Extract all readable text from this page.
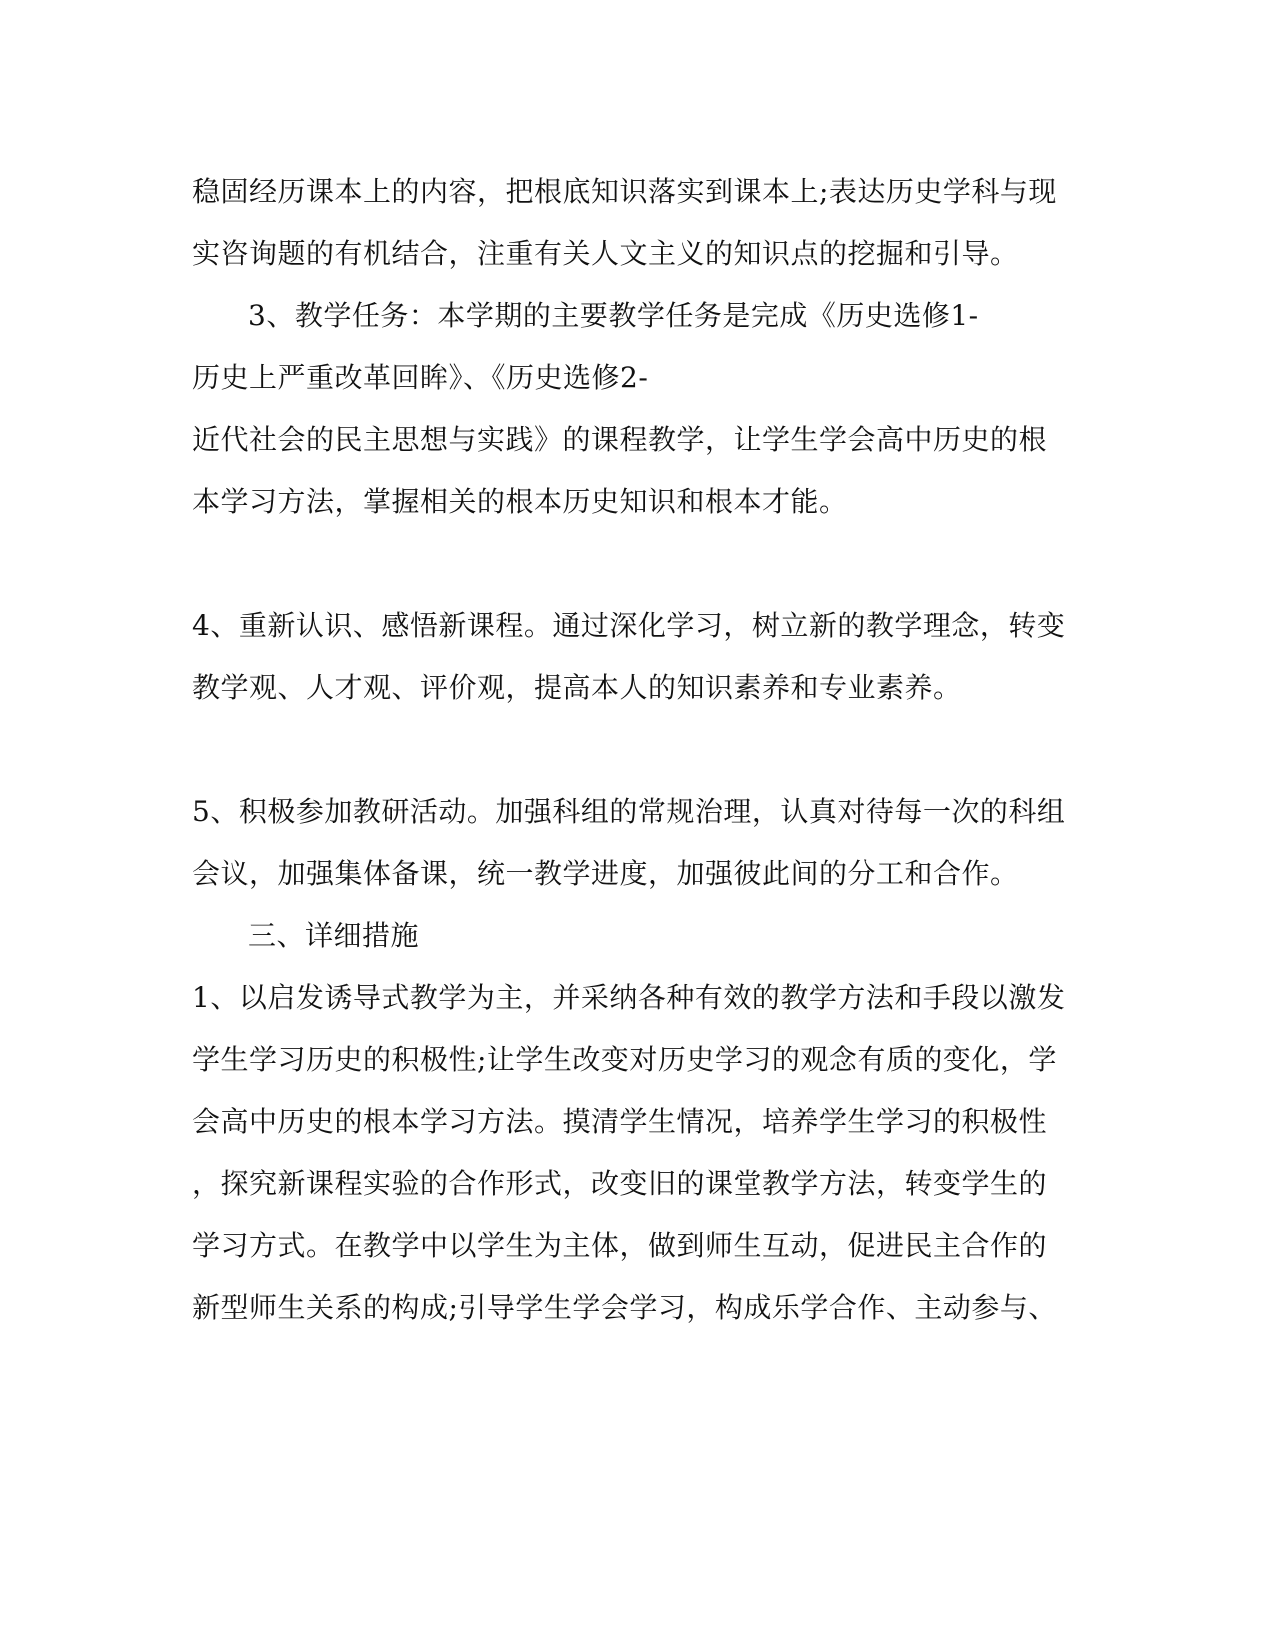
稳固经历课本上的内容，把根底知识落实到课本上;表达历史学科与现
实咨询题的有机结合，注重有关人文主义的知识点的挖掘和引导。
3、教学任务：本学期的主要教学任务是完成《历史选修1-
历史上严重改革回眸》、《历史选修2-
近代社会的民主思想与实践》的课程教学，让学生学会高中历史的根
本学习方法，掌握相关的根本历史知识和根本才能。
4、重新认识、感悟新课程。通过深化学习，树立新的教学理念，转变
教学观、人才观、评价观，提高本人的知识素养和专业素养。
5、积极参加教研活动。加强科组的常规治理，认真对待每一次的科组
会议，加强集体备课，统一教学进度，加强彼此间的分工和合作。
三、详细措施
1、以启发诱导式教学为主，并采纳各种有效的教学方法和手段以激发
学生学习历史的积极性;让学生改变对历史学习的观念有质的变化，学
会高中历史的根本学习方法。摸清学生情况，培养学生学习的积极性
，探究新课程实验的合作形式，改变旧的课堂教学方法，转变学生的
学习方式。在教学中以学生为主体，做到师生互动，促进民主合作的
新型师生关系的构成;引导学生学会学习，构成乐学合作、主动参与、
